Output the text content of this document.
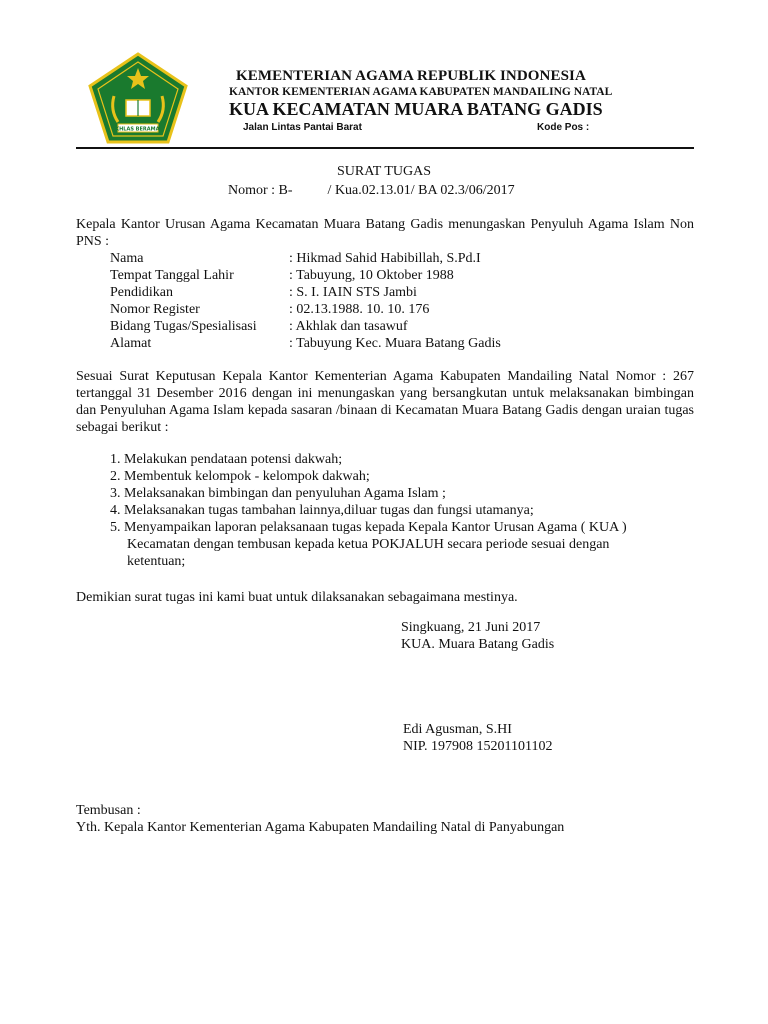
IKHLAS BERAMAL
KEMENTERIAN AGAMA REPUBLIK INDONESIA
KANTOR KEMENTERIAN AGAMA KABUPATEN MANDAILING NATAL
KUA KECAMATAN MUARA BATANG GADIS
Jalan Lintas Pantai Barat	Kode Pos :
SURAT TUGAS
Nomor : B-          / Kua.02.13.01/ BA 02.3/06/2017
Kepala Kantor Urusan Agama Kecamatan Muara Batang Gadis menungaskan Penyuluh Agama Islam Non PNS :
Nama	: Hikmad Sahid Habibillah, S.Pd.I
Tempat Tanggal Lahir	: Tabuyung, 10 Oktober 1988
Pendidikan	: S. I. IAIN STS Jambi
Nomor Register	: 02.13.1988. 10. 10. 176
Bidang Tugas/Spesialisasi	: Akhlak dan tasawuf
Alamat	: Tabuyung Kec. Muara Batang Gadis
Sesuai Surat Keputusan Kepala Kantor Kementerian Agama Kabupaten Mandailing Natal Nomor : 267 tertanggal 31 Desember 2016 dengan ini menungaskan yang bersangkutan untuk melaksanakan bimbingan dan Penyuluhan Agama Islam kepada sasaran /binaan di Kecamatan Muara Batang Gadis dengan uraian tugas sebagai berikut :
1. Melakukan pendataan potensi dakwah;
2. Membentuk kelompok - kelompok dakwah;
3. Melaksanakan bimbingan dan penyuluhan Agama Islam ;
4. Melaksanakan tugas tambahan lainnya,diluar tugas dan fungsi utamanya;
5. Menyampaikan laporan pelaksanaan tugas kepada Kepala Kantor Urusan Agama ( KUA )
Kecamatan dengan tembusan kepada ketua POKJALUH secara periode sesuai dengan
ketentuan;
Demikian surat tugas ini kami buat untuk dilaksanakan sebagaimana mestinya.
Singkuang, 21 Juni 2017
KUA. Muara Batang Gadis
Edi Agusman, S.HI
NIP. 197908 15201101102
Tembusan :
Yth. Kepala Kantor Kementerian Agama Kabupaten Mandailing Natal di Panyabungan
